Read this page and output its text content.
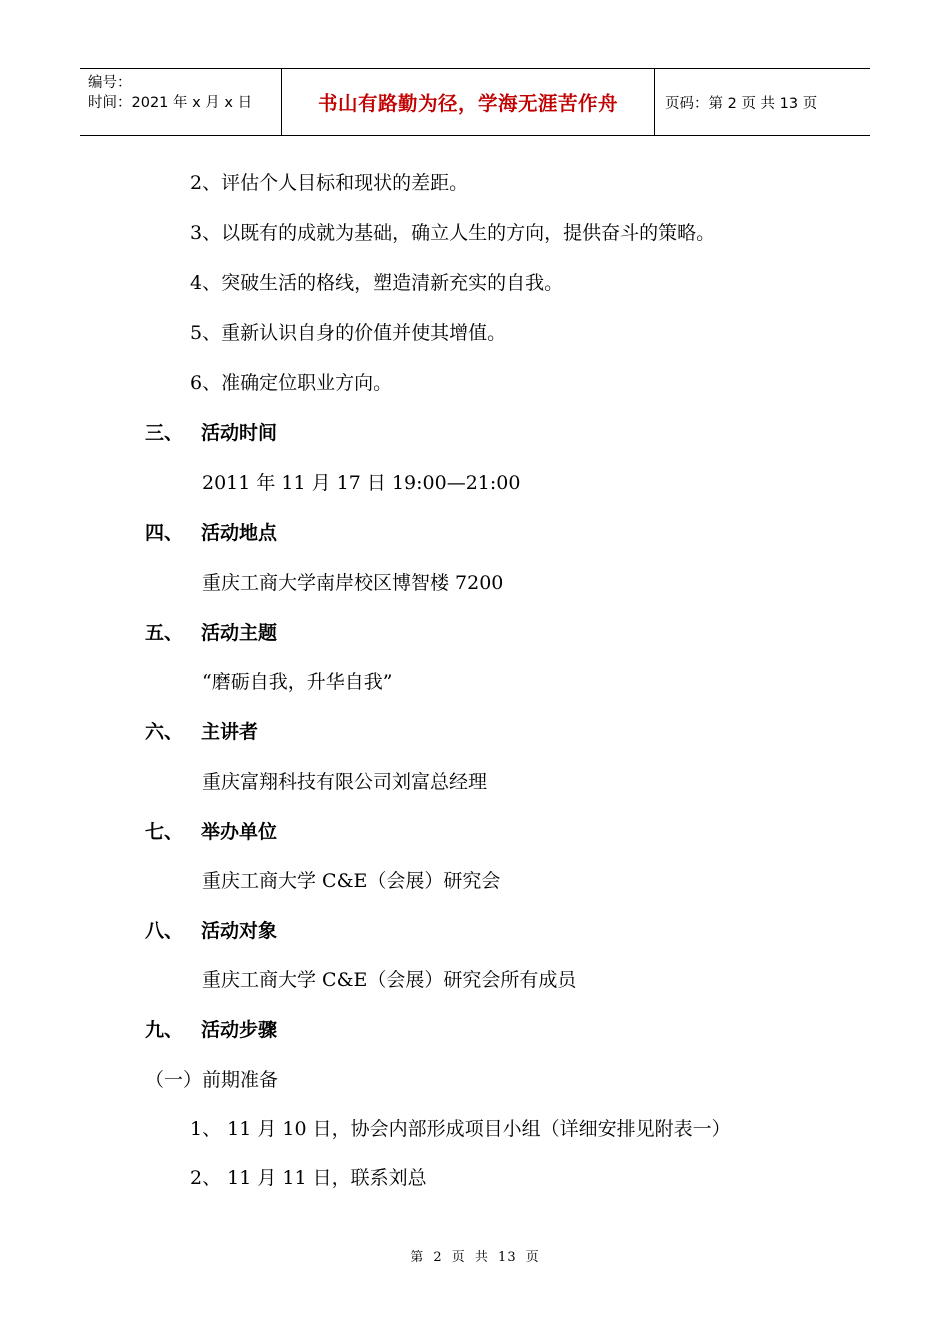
编号：
时间：2021 年 x 月 x 日	书山有路勤为径，学海无涯苦作舟	页码：第 2 页 共 13 页
2、评估个人目标和现状的差距。
3、以既有的成就为基础，确立人生的方向，提供奋斗的策略。
4、突破生活的格线，塑造清新充实的自我。
5、重新认识自身的价值并使其增值。
6、准确定位职业方向。
三、 活动时间
2011 年 11 月 17 日 19:00—21:00
四、 活动地点
重庆工商大学南岸校区博智楼 7200
五、 活动主题
“磨砺自我，升华自我”
六、 主讲者
重庆富翔科技有限公司刘富总经理
七、 举办单位
重庆工商大学 C&E（会展）研究会
八、 活动对象
重庆工商大学 C&E（会展）研究会所有成员
九、 活动步骤
（一）前期准备
1、 11 月 10 日，协会内部形成项目小组（详细安排见附表一）
2、 11 月 11 日，联系刘总
第 2 页 共 13 页
